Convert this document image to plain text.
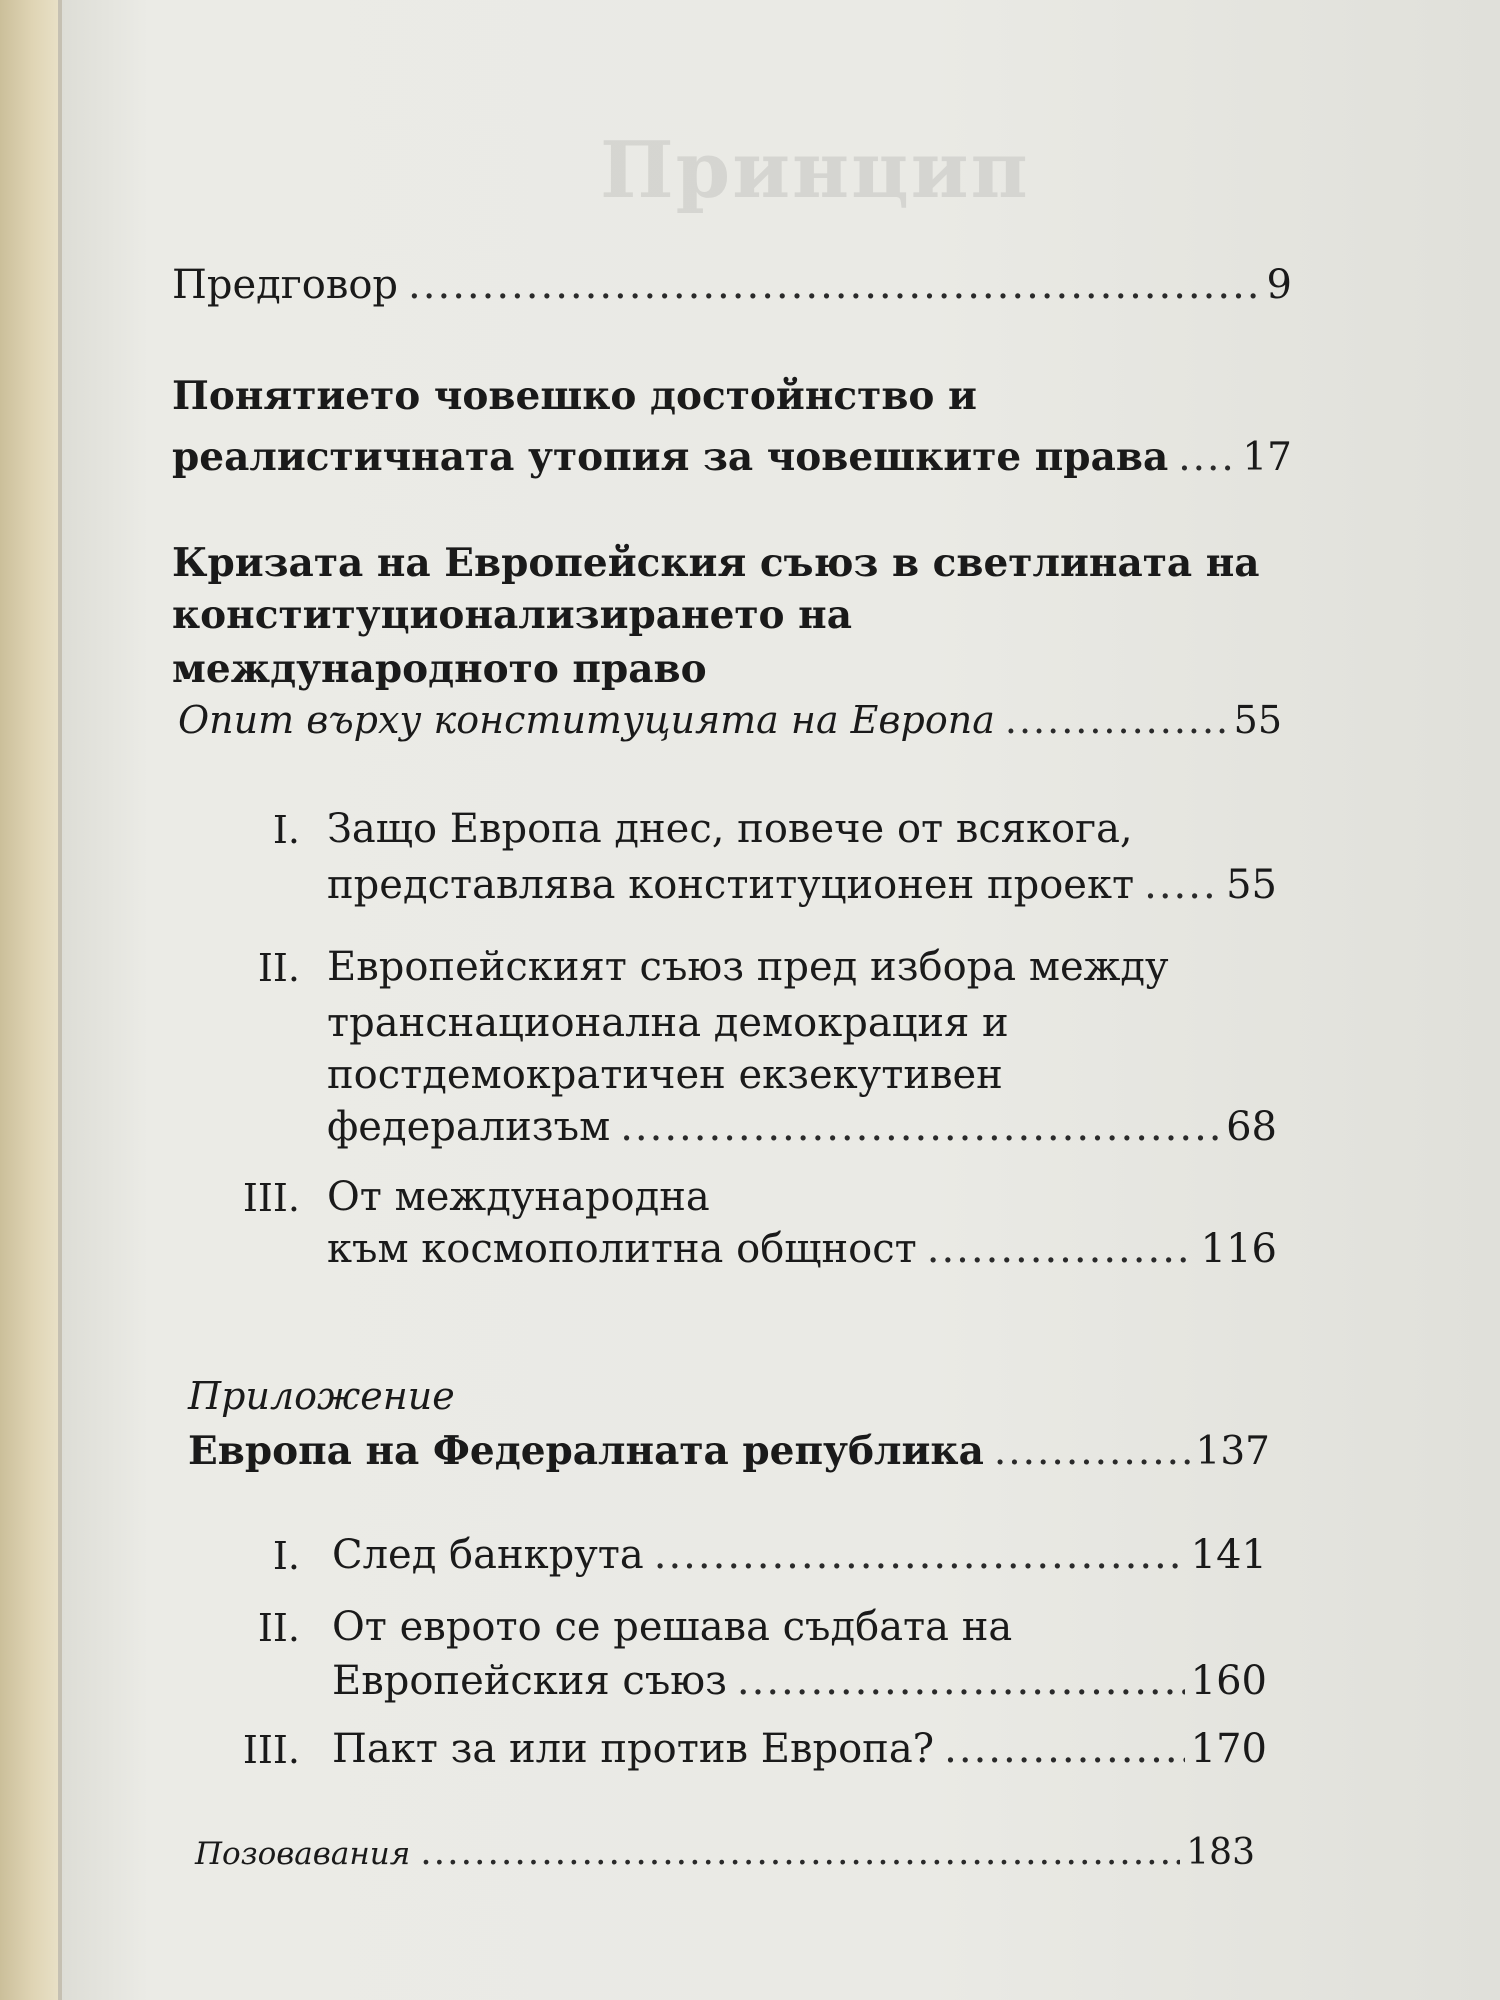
Принцип
Предговор .....	9
Понятието човешко достойнство и
реалистичната утопия за човешките права ..... 17
Кризата на Европейския съюз в светлината на
конституционализирането на
международното право
Опит върху конституцията на Европа .....	55
I. Защо Европа днес, повече от всякога,
представлява конституционен проект ..... 55
II. Европейският съюз пред избора между
транснационална демокрация и
постдемократичен екзекутивен
федерализъм .....	68
III. От международна
към космополитна общност .....	116
Приложение
Европа на Федералната република .....	137
I. След банкрута .....	141
II. От еврото се решава съдбата на
Европейския съюз .....	160
III. Пакт за или против Европа? .....	170
Позовавания .....	183
